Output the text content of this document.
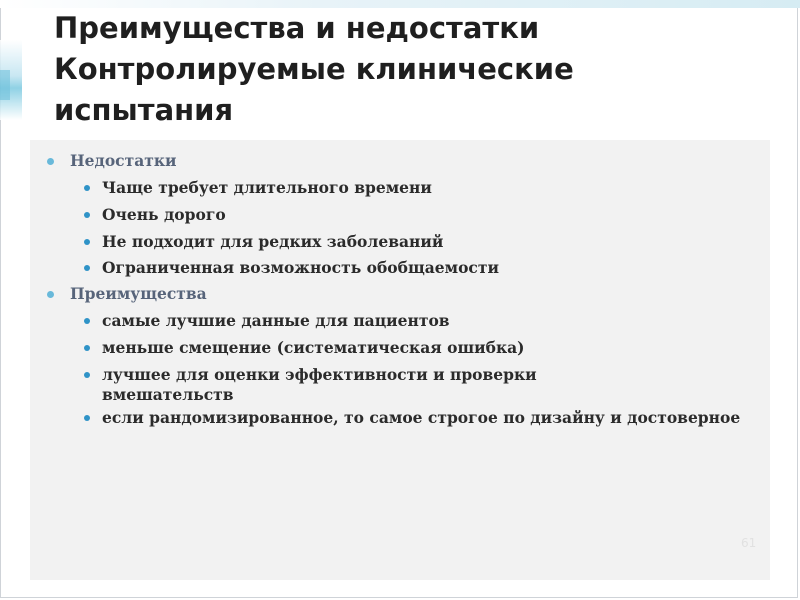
Преимущества и недостатки
Контролируемые клинические
испытания
Недостатки
Чаще требует длительного времени
Очень дорого
Не подходит для редких заболеваний
Ограниченная возможность обобщаемости
Преимущества
самые лучшие данные для пациентов
меньше смещение (систематическая ошибка)
лучшее для оценки эффективности и проверки вмешательств
если рандомизированное, то самое строгое по дизайну и достоверное
61
